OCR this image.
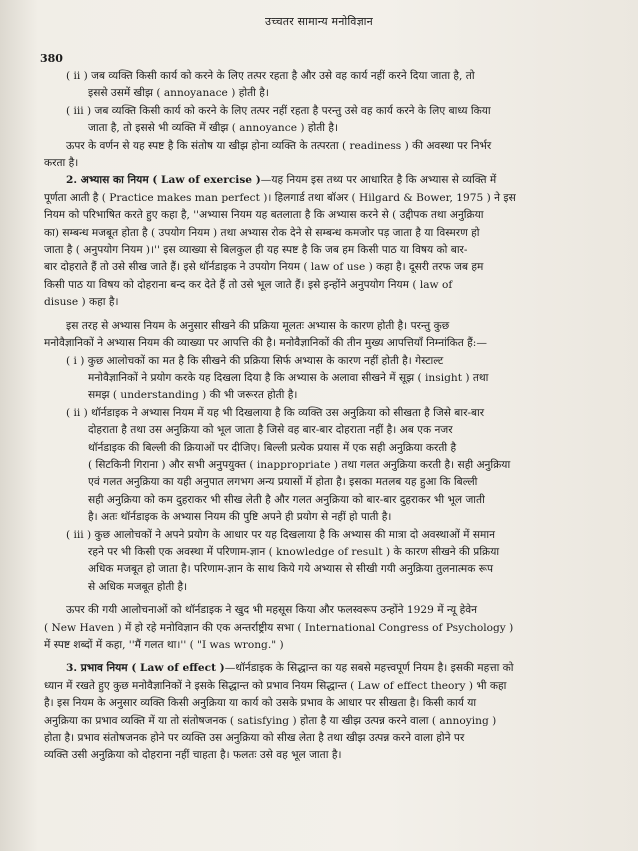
उच्चतर सामान्य मनोविज्ञान
380

( ii ) जब व्यक्ति किसी कार्य को करने के लिए तत्पर रहता है और उसे वह कार्य नहीं करने दिया जाता है, तो

इससे उसमें खीझ ( annoyanace ) होती है।

( iii ) जब व्यक्ति किसी कार्य को करने के लिए तत्पर नहीं रहता है परन्तु उसे वह कार्य करने के लिए बाध्य किया

जाता है, तो इससे भी व्यक्ति में खीझ ( annoyance ) होती है।

ऊपर के वर्णन से यह स्पष्ट है कि संतोष या खीझ होना व्यक्ति के तत्परता ( readiness ) की अवस्था पर निर्भर

करता है।

2. अभ्यास का नियम ( Law of exercise )—यह नियम इस तथ्य पर आधारित है कि अभ्यास से व्यक्ति में

पूर्णता आती है ( Practice makes man perfect )। हिलगार्ड तथा बॉअर ( Hilgard & Bower, 1975 ) ने इस

नियम को परिभाषित करते हुए कहा है, ''अभ्यास नियम यह बतलाता है कि अभ्यास करने से ( उद्दीपक तथा अनुक्रिया

का) सम्बन्ध मजबूत होता है ( उपयोग नियम ) तथा अभ्यास रोक देने से सम्बन्ध कमजोर पड़ जाता है या विस्मरण हो

जाता है ( अनुपयोग नियम )।'' इस व्याख्या से बिलकुल ही यह स्पष्ट है कि जब हम किसी पाठ या विषय को बार-

बार दोहराते हैं तो उसे सीख जाते हैं। इसे थॉर्नडाइक ने उपयोग नियम ( law of use ) कहा है। दूसरी तरफ जब हम

किसी पाठ या विषय को दोहराना बन्द कर देते हैं तो उसे भूल जाते हैं। इसे इन्होंने अनुपयोग नियम ( law of

disuse ) कहा है।

इस तरह से अभ्यास नियम के अनुसार सीखने की प्रक्रिया मूलतः अभ्यास के कारण होती है। परन्तु कुछ

मनोवैज्ञानिकों ने अभ्यास नियम की व्याख्या पर आपत्ति की है। मनोवैज्ञानिकों की तीन मुख्य आपत्तियाँ निम्नांकित हैं:—

( i ) कुछ आलोचकों का मत है कि सीखने की प्रक्रिया सिर्फ अभ्यास के कारण नहीं होती है। गेस्टाल्ट

मनोवैज्ञानिकों ने प्रयोग करके यह दिखला दिया है कि अभ्यास के अलावा सीखने में सूझ ( insight ) तथा

समझ ( understanding ) की भी जरूरत होती है।

( ii ) थॉर्नडाइक ने अभ्यास नियम में यह भी दिखलाया है कि व्यक्ति उस अनुक्रिया को सीखता है जिसे बार-बार

दोहराता है तथा उस अनुक्रिया को भूल जाता है जिसे वह बार-बार दोहराता नहीं है। अब एक नजर

थॉर्नडाइक की बिल्ली की क्रियाओं पर दीजिए। बिल्ली प्रत्येक प्रयास में एक सही अनुक्रिया करती है

( सिटकिनी गिराना ) और सभी अनुपयुक्त ( inappropriate ) तथा गलत अनुक्रिया करती है। सही अनुक्रिया

एवं गलत अनुक्रिया का यही अनुपात लगभग अन्य प्रयासों में होता है। इसका मतलब यह हुआ कि बिल्ली

सही अनुक्रिया को कम दुहराकर भी सीख लेती है और गलत अनुक्रिया को बार-बार दुहराकर भी भूल जाती

है। अतः थॉर्नडाइक के अभ्यास नियम की पुष्टि अपने ही प्रयोग से नहीं हो पाती है।

( iii ) कुछ आलोचकों ने अपने प्रयोग के आधार पर यह दिखलाया है कि अभ्यास की मात्रा दो अवस्थाओं में समान

रहने पर भी किसी एक अवस्था में परिणाम-ज्ञान ( knowledge of result ) के कारण सीखने की प्रक्रिया

अधिक मजबूत हो जाता है। परिणाम-ज्ञान के साथ किये गये अभ्यास से सीखी गयी अनुक्रिया तुलनात्मक रूप

से अधिक मजबूत होती है।

ऊपर की गयी आलोचनाओं को थॉर्नडाइक ने खुद भी महसूस किया और फलस्वरूप उन्होंने 1929 में न्यू हेवेन

( New Haven ) में हो रहे मनोविज्ञान की एक अन्तर्राष्ट्रीय सभा ( International Congress of Psychology )

में स्पष्ट शब्दों में कहा, ''मैं गलत था।'' ( "I was wrong." )

3. प्रभाव नियम ( Law of effect )—थॉर्नडाइक के सिद्धान्त का यह सबसे महत्त्वपूर्ण नियम है। इसकी महत्ता को

ध्यान में रखते हुए कुछ मनोवैज्ञानिकों ने इसके सिद्धान्त को प्रभाव नियम सिद्धान्त ( Law of effect theory ) भी कहा

है। इस नियम के अनुसार व्यक्ति किसी अनुक्रिया या कार्य को उसके प्रभाव के आधार पर सीखता है। किसी कार्य या

अनुक्रिया का प्रभाव व्यक्ति में या तो संतोषजनक ( satisfying ) होता है या खीझ उत्पन्न करने वाला ( annoying )

होता है। प्रभाव संतोषजनक होने पर व्यक्ति उस अनुक्रिया को सीख लेता है तथा खीझ उत्पन्न करने वाला होने पर

व्यक्ति उसी अनुक्रिया को दोहराना नहीं चाहता है। फलतः उसे वह भूल जाता है।
